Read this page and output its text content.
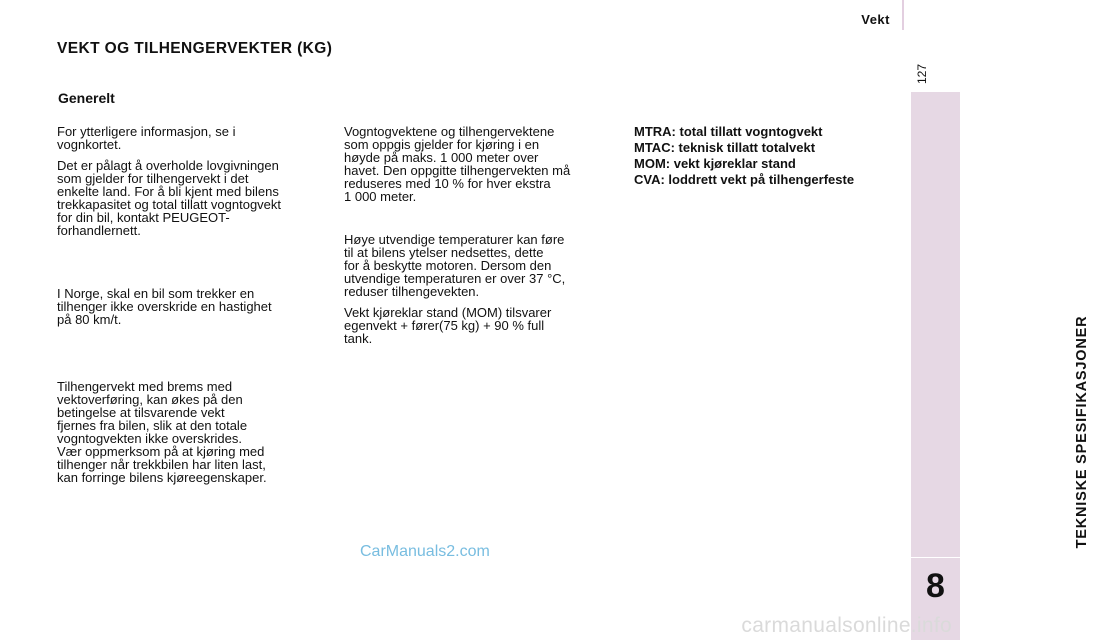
Vekt
127
TEKNISKE SPESIFIKASJONER
8
VEKT OG TILHENGERVEKTER (KG)
Generelt

For ytterligere informasjon, se i
vognkortet.

Det er pålagt å overholde lovgivningen
som gjelder for tilhengervekt i det
enkelte land. For å bli kjent med bilens
trekkapasitet og total tillatt vogntogvekt
for din bil, kontakt PEUGEOT-
forhandlernett.

I Norge, skal en bil som trekker en
tilhenger ikke overskride en hastighet
på 80 km/t.

Tilhengervekt med brems med
vektoverføring, kan økes på den
betingelse at tilsvarende vekt
fjernes fra bilen, slik at den totale
vogntogvekten ikke overskrides.
Vær oppmerksom på at kjøring med
tilhenger når trekkbilen har liten last,
kan forringe bilens kjøreegenskaper.

Vogntogvektene og tilhengervektene
som oppgis gjelder for kjøring i en
høyde på maks. 1 000 meter over
havet. Den oppgitte tilhengervekten må
reduseres med 10 % for hver ekstra
1 000 meter.

Høye utvendige temperaturer kan føre
til at bilens ytelser nedsettes, dette
for å beskytte motoren. Dersom den
utvendige temperaturen er over 37 °C,
reduser tilhengevekten.

Vekt kjøreklar stand (MOM) tilsvarer
egenvekt + fører(75 kg) + 90 % full
tank.

MTRA: total tillatt vogntogvekt

MTAC: teknisk tillatt totalvekt

MOM: vekt kjøreklar stand

CVA: loddrett vekt på tilhengerfeste

CarManuals2.com
carmanualsonline.info
